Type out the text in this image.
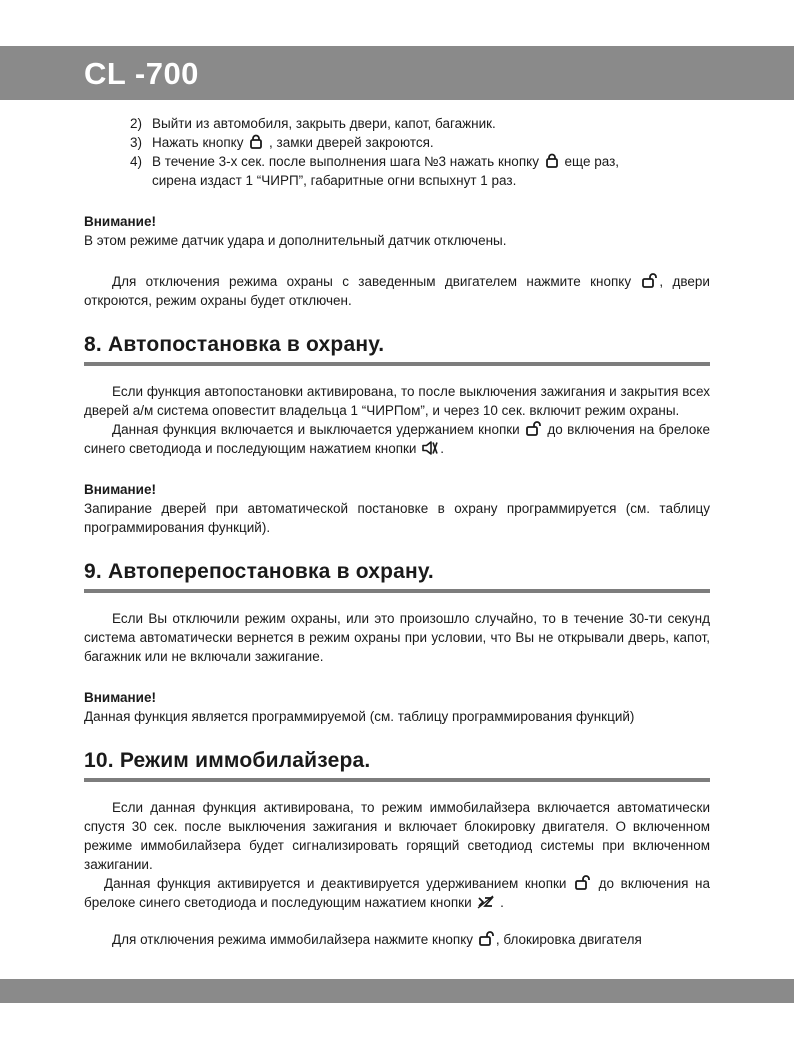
CL -700
2) Выйти из автомобиля, закрыть двери, капот, багажник.
3) Нажать кнопку , замки дверей закроются.
4) В течение 3-х сек. после выполнения шага №3 нажать кнопку еще раз,
сирена издаст 1 “ЧИРП”, габаритные огни вспыхнут 1 раз.

Внимание!

В этом режиме датчик удара и дополнительный датчик отключены.

Для отключения режима охраны с заведенным двигателем нажмите кнопку , двери откроются, режим охраны будет отключен.

8. Автопостановка в охрану.

Если функция автопостановки активирована, то после выключения зажигания и закрытия всех дверей а/м система оповестит владельца 1 “ЧИРПом”, и через 10 сек. включит режим охраны.

Данная функция включается и выключается удержанием кнопки до включения на брелоке синего светодиода и последующим нажатием кнопки .

Внимание!

Запирание дверей при автоматической постановке в охрану программируется (см. таблицу программирования функций).

9. Автоперепостановка в охрану.

Если Вы отключили режим охраны, или это произошло случайно, то в течение 30-ти секунд система автоматически вернется в режим охраны при условии, что Вы не открывали дверь, капот, багажник или не включали зажигание.

Внимание!

Данная функция является программируемой (см. таблицу программирования функций)

10. Режим иммобилайзера.

Если данная функция активирована, то режим иммобилайзера включается автоматически спустя 30 сек. после выключения зажигания и включает блокировку двигателя. О включенном режиме иммобилайзера будет сигнализировать горящий светодиод системы при включенном зажигании.

Данная функция активируется и деактивируется удерживанием кнопки до включения на брелоке синего светодиода и последующим нажатием кнопки .

Для отключения режима иммобилайзера нажмите кнопку , блокировка двигателя
